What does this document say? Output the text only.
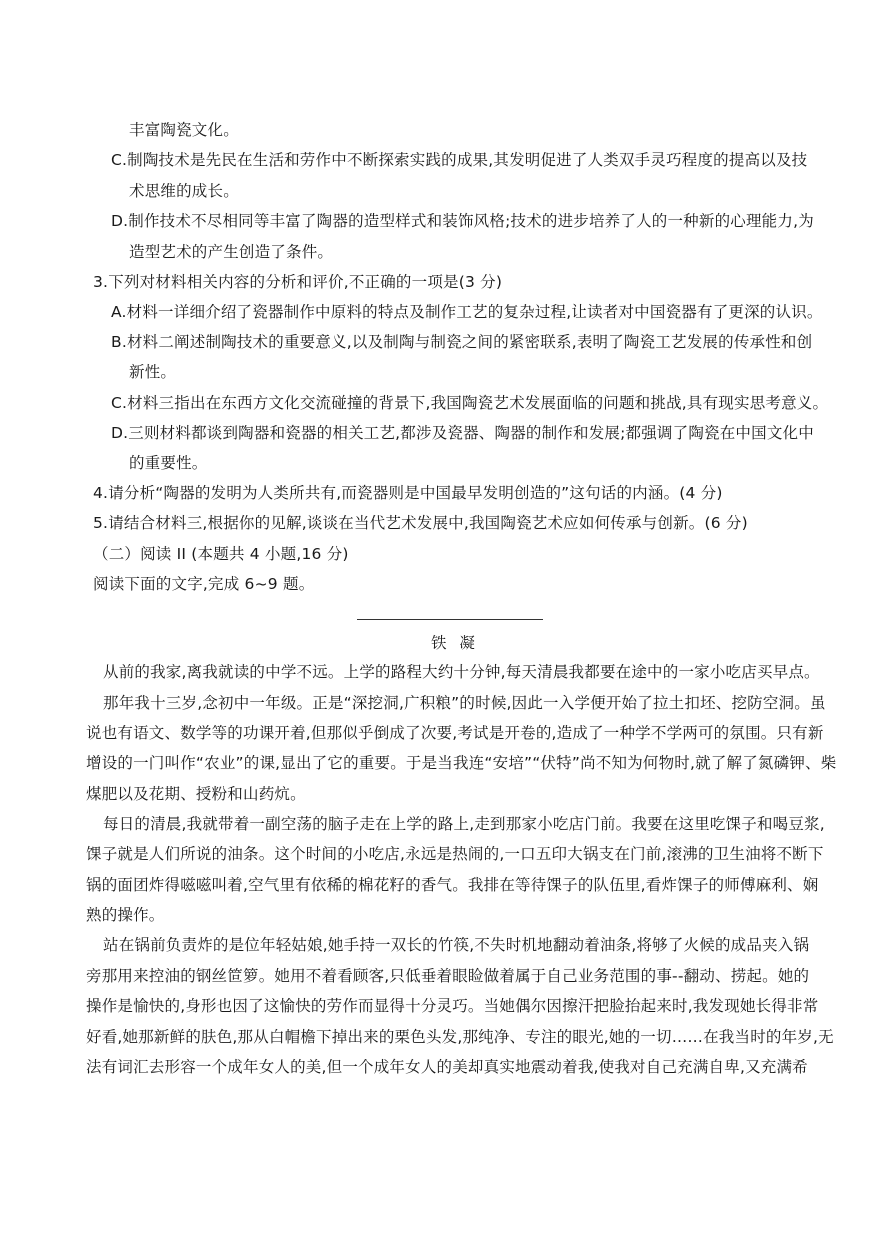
丰富陶瓷文化。
C.制陶技术是先民在生活和劳作中不断探索实践的成果,其发明促进了人类双手灵巧程度的提高以及技
术思维的成长。
D.制作技术不尽相同等丰富了陶器的造型样式和装饰风格;技术的进步培养了人的一种新的心理能力,为
造型艺术的产生创造了条件。
3.下列对材料相关内容的分析和评价,不正确的一项是(3 分)
A.材料一详细介绍了瓷器制作中原料的特点及制作工艺的复杂过程,让读者对中国瓷器有了更深的认识。
B.材料二阐述制陶技术的重要意义,以及制陶与制瓷之间的紧密联系,表明了陶瓷工艺发展的传承性和创
新性。
C.材料三指出在东西方文化交流碰撞的背景下,我国陶瓷艺术发展面临的问题和挑战,具有现实思考意义。
D.三则材料都谈到陶器和瓷器的相关工艺,都涉及瓷器、陶器的制作和发展;都强调了陶瓷在中国文化中
的重要性。
4.请分析“陶器的发明为人类所共有,而瓷器则是中国最早发明创造的”这句话的内涵。(4 分)
5.请结合材料三,根据你的见解,谈谈在当代艺术发展中,我国陶瓷艺术应如何传承与创新。(6 分)
（二）阅读 II (本题共 4 小题,16 分)
阅读下面的文字,完成 6~9 题。
铁 凝
从前的我家,离我就读的中学不远。上学的路程大约十分钟,每天清晨我都要在途中的一家小吃店买早点。
那年我十三岁,念初中一年级。正是“深挖洞,广积粮”的时候,因此一入学便开始了拉土扣坯、挖防空洞。虽
说也有语文、数学等的功课开着,但那似乎倒成了次要,考试是开卷的,造成了一种学不学两可的氛围。只有新
增设的一门叫作“农业”的课,显出了它的重要。于是当我连“安培”“伏特”尚不知为何物时,就了解了氮磷钾、柴
煤肥以及花期、授粉和山药炕。
每日的清晨,我就带着一副空荡的脑子走在上学的路上,走到那家小吃店门前。我要在这里吃馃子和喝豆浆,
馃子就是人们所说的油条。这个时间的小吃店,永远是热闹的,一口五印大锅支在门前,滚沸的卫生油将不断下
锅的面团炸得嗞嗞叫着,空气里有依稀的棉花籽的香气。我排在等待馃子的队伍里,看炸馃子的师傅麻利、娴
熟的操作。
站在锅前负责炸的是位年轻姑娘,她手持一双长的竹筷,不失时机地翻动着油条,将够了火候的成品夹入锅
旁那用来控油的钢丝笸箩。她用不着看顾客,只低垂着眼睑做着属于自己业务范围的事--翻动、捞起。她的
操作是愉快的,身形也因了这愉快的劳作而显得十分灵巧。当她偶尔因擦汗把脸抬起来时,我发现她长得非常
好看,她那新鲜的肤色,那从白帽檐下掉出来的栗色头发,那纯净、专注的眼光,她的一切……在我当时的年岁,无
法有词汇去形容一个成年女人的美,但一个成年女人的美却真实地震动着我,使我对自己充满自卑,又充满希
